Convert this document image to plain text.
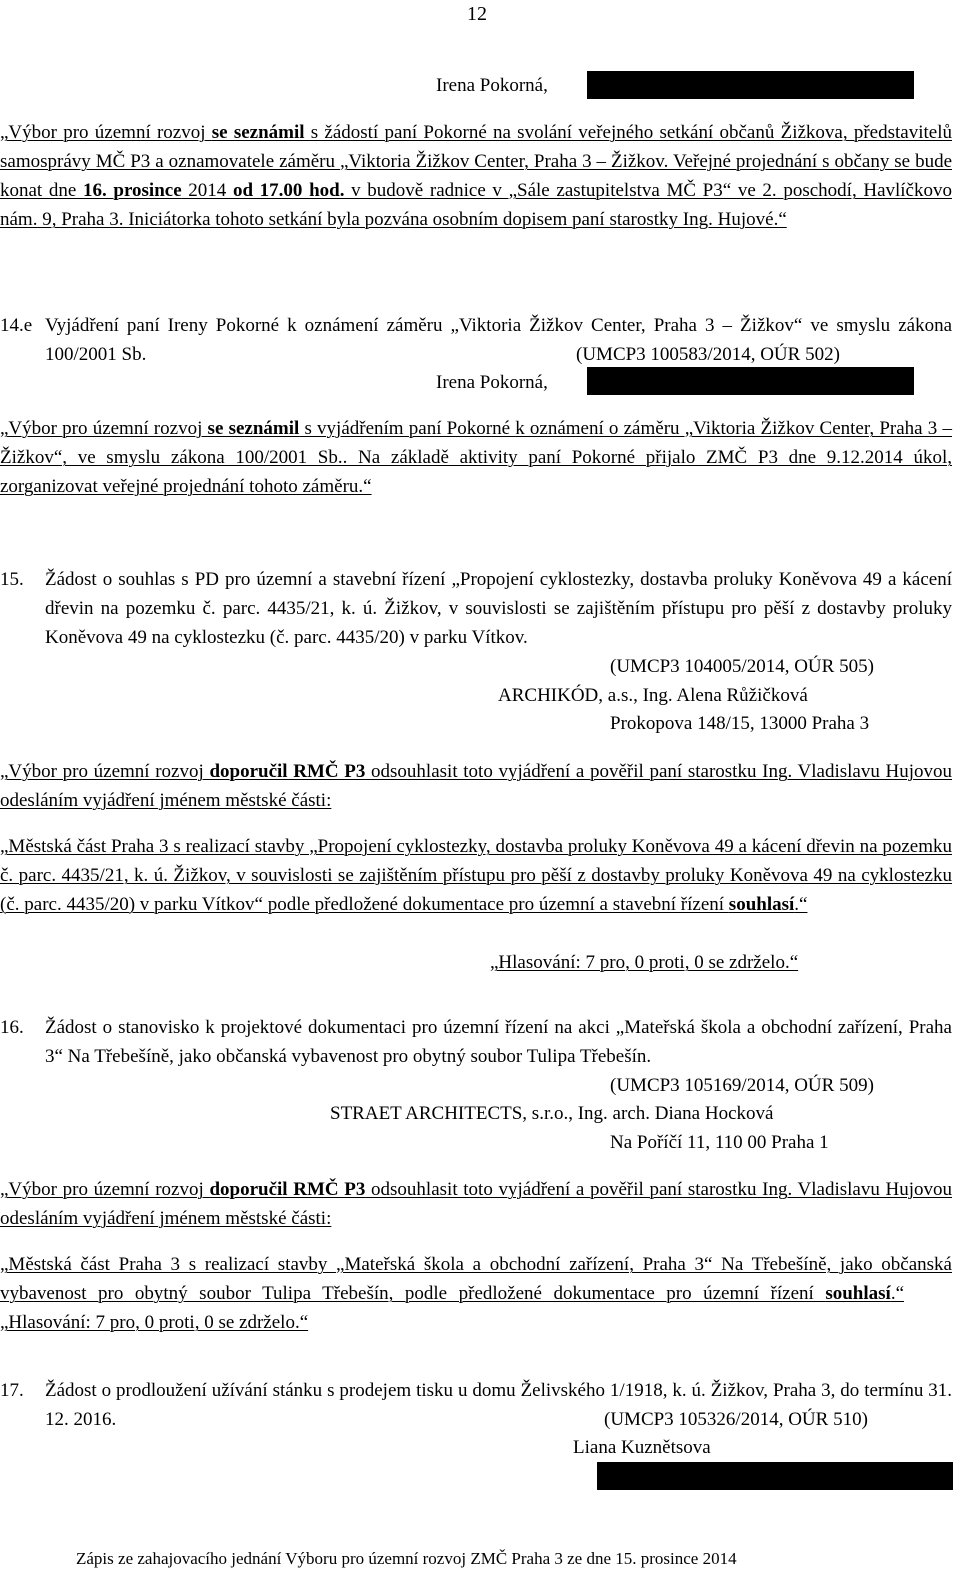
12
Irena Pokorná,
„Výbor pro územní rozvoj se seznámil s žádostí paní Pokorné na svolání veřejného setkání občanů Žižkova, představitelů samosprávy MČ P3 a oznamovatele záměru „Viktoria Žižkov Center, Praha 3 – Žižkov. Veřejné projednání s občany se bude konat dne 16. prosince 2014 od 17.00 hod. v budově radnice v „Sále zastupitelstva MČ P3“ ve 2. poschodí, Havlíčkovo nám. 9, Praha 3. Iniciátorka tohoto setkání byla pozvána osobním dopisem paní starostky Ing. Hujové.“
14.e Vyjádření paní Ireny Pokorné k oznámení záměru „Viktoria Žižkov Center, Praha 3 – Žižkov“ ve smyslu zákona 100/2001 Sb.	(UMCP3 100583/2014, OÚR 502)
Irena Pokorná,
„Výbor pro územní rozvoj se seznámil s vyjádřením paní Pokorné k oznámení o záměru „Viktoria Žižkov Center, Praha 3 – Žižkov“, ve smyslu zákona 100/2001 Sb.. Na základě aktivity paní Pokorné přijalo ZMČ P3 dne 9.12.2014 úkol, zorganizovat veřejné projednání tohoto záměru.“
15. Žádost o souhlas s PD pro územní a stavební řízení „Propojení cyklostezky, dostavba proluky Koněvova 49 a kácení dřevin na pozemku č. parc. 4435/21, k. ú. Žižkov, v souvislosti se zajištěním přístupu pro pěší z dostavby proluky Koněvova 49 na cyklostezku (č. parc. 4435/20) v parku Vítkov.
(UMCP3 104005/2014, OÚR 505)
ARCHIKÓD, a.s., Ing. Alena Růžičková
Prokopova 148/15, 13000 Praha 3
„Výbor pro územní rozvoj doporučil RMČ P3 odsouhlasit toto vyjádření a pověřil paní starostku Ing. Vladislavu Hujovou odesláním vyjádření jménem městské části:
„Městská část Praha 3 s realizací stavby „Propojení cyklostezky, dostavba proluky Koněvova 49 a kácení dřevin na pozemku č. parc. 4435/21, k. ú. Žižkov, v souvislosti se zajištěním přístupu pro pěší z dostavby proluky Koněvova 49 na cyklostezku (č. parc. 4435/20) v parku Vítkov“ podle předložené dokumentace pro územní a stavební řízení souhlasí.“
„Hlasování: 7 pro, 0 proti, 0 se zdrželo.“
16. Žádost o stanovisko k projektové dokumentaci pro územní řízení na akci „Mateřská škola a obchodní zařízení, Praha 3“ Na Třebešíně, jako občanská vybavenost pro obytný soubor Tulipa Třebešín.
(UMCP3 105169/2014, OÚR 509)
STRAET ARCHITECTS, s.r.o., Ing. arch. Diana Hocková
Na Poříčí 11, 110 00 Praha 1
„Výbor pro územní rozvoj doporučil RMČ P3 odsouhlasit toto vyjádření a pověřil paní starostku Ing. Vladislavu Hujovou odesláním vyjádření jménem městské části:
„Městská část Praha 3 s realizací stavby „Mateřská škola a obchodní zařízení, Praha 3“ Na Třebešíně, jako občanská vybavenost pro obytný soubor Tulipa Třebešín, podle předložené dokumentace pro územní řízení souhlasí.“„Hlasování: 7 pro, 0 proti, 0 se zdrželo.“
17. Žádost o prodloužení užívání stánku s prodejem tisku u domu Želivského 1/1918, k. ú. Žižkov, Praha 3, do termínu 31. 12. 2016.	(UMCP3 105326/2014, OÚR 510)
Liana Kuznětsova
Zápis ze zahajovacího jednání Výboru pro územní rozvoj ZMČ Praha 3 ze dne 15. prosince 2014
